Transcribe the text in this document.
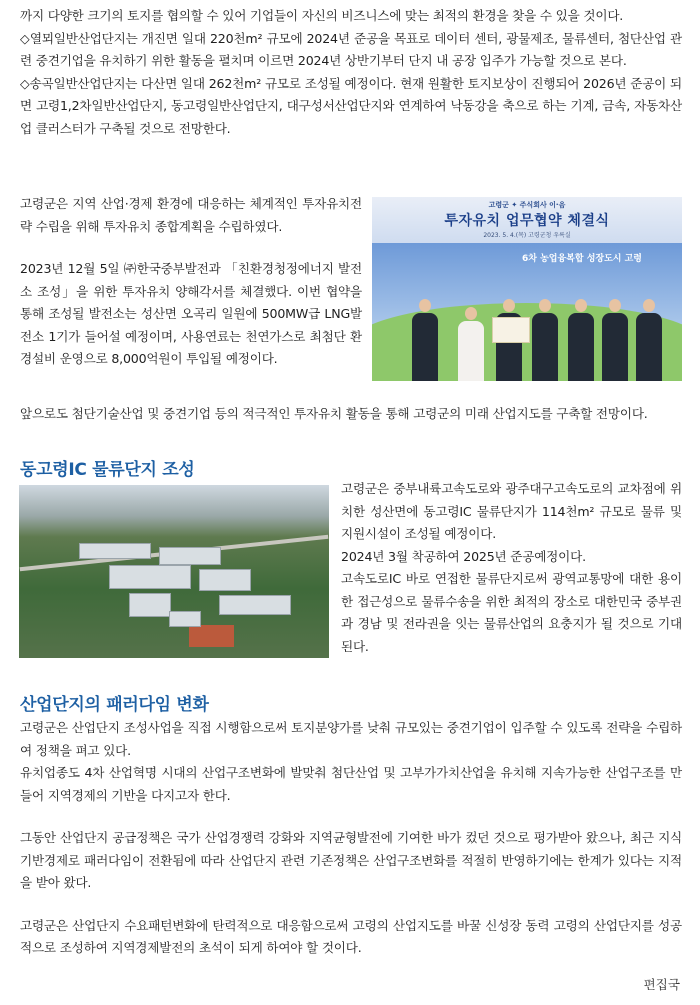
까지 다양한 크기의 토지를 협의할 수 있어 기업들이 자신의 비즈니스에 맞는 최적의 환경을 찾을 수 있을 것이다.

◇열뫼일반산업단지는 개진면 일대 220천m² 규모에 2024년 준공을 목표로 데이터 센터, 광물제조, 물류센터, 첨단산업 관련 중견기업을 유치하기 위한 활동을 펼치며 이르면 2024년 상반기부터 단지 내 공장 입주가 가능할 것으로 본다.

◇송곡일반산업단지는 다산면 일대 262천m² 규모로 조성될 예정이다. 현재 원활한 토지보상이 진행되어 2026년 준공이 되면 고령1,2차일반산업단지, 동고령일반산업단지, 대구성서산업단지와 연계하여 낙동강을 축으로 하는 기계, 금속, 자동차산업 클러스터가 구축될 것으로 전망한다.

고령군은 지역 산업·경제 환경에 대응하는 체계적인 투자유치전략 수립을 위해 투자유치 종합계획을 수립하였다.

2023년 12월 5일 ㈜한국중부발전과 「친환경청정에너지 발전소 조성」을 위한 투자유치 양해각서를 체결했다. 이번 협약을 통해 조성될 발전소는 성산면 오곡리 일원에 500MW급 LNG발전소 1기가 들어설 예정이며, 사용연료는 천연가스로 최첨단 환경설비 운영으로 8,000억원이 투입될 예정이다.

고령군 ✦ 주식회사 이·음
투자유치 업무협약 체결식
2023. 5. 4.(목) 고령군청 우륵실
6차 농업융복합 성장도시 고령

앞으로도 첨단기술산업 및 중견기업 등의 적극적인 투자유치 활동을 통해 고령군의 미래 산업지도를 구축할 전망이다.

동고령IC 물류단지 조성

고령군은 중부내륙고속도로와 광주대구고속도로의 교차점에 위치한 성산면에 동고령IC 물류단지가 114천m² 규모로 물류 및 지원시설이 조성될 예정이다.

2024년 3월 착공하여 2025년 준공예정이다.

고속도로IC 바로 연접한 물류단지로써 광역교통망에 대한 용이한 접근성으로 물류수송을 위한 최적의 장소로 대한민국 중부권과 경남 및 전라권을 잇는 물류산업의 요충지가 될 것으로 기대된다.

산업단지의 패러다임 변화

고령군은 산업단지 조성사업을 직접 시행함으로써 토지분양가를 낮춰 규모있는 중견기업이 입주할 수 있도록 전략을 수립하여 정책을 펴고 있다.

유치업종도 4차 산업혁명 시대의 산업구조변화에 발맞춰 첨단산업 및 고부가가치산업을 유치해 지속가능한 산업구조를 만들어 지역경제의 기반을 다지고자 한다.

그동안 산업단지 공급정책은 국가 산업경쟁력 강화와 지역균형발전에 기여한 바가 컸던 것으로 평가받아 왔으나, 최근 지식기반경제로 패러다임이 전환됨에 따라 산업단지 관련 기존정책은 산업구조변화를 적절히 반영하기에는 한계가 있다는 지적을 받아 왔다.

고령군은 산업단지 수요패턴변화에 탄력적으로 대응함으로써 고령의 산업지도를 바꿀 신성장 동력 고령의 산업단지를 성공적으로 조성하여 지역경제발전의 초석이 되게 하여야 할 것이다.

편집국
